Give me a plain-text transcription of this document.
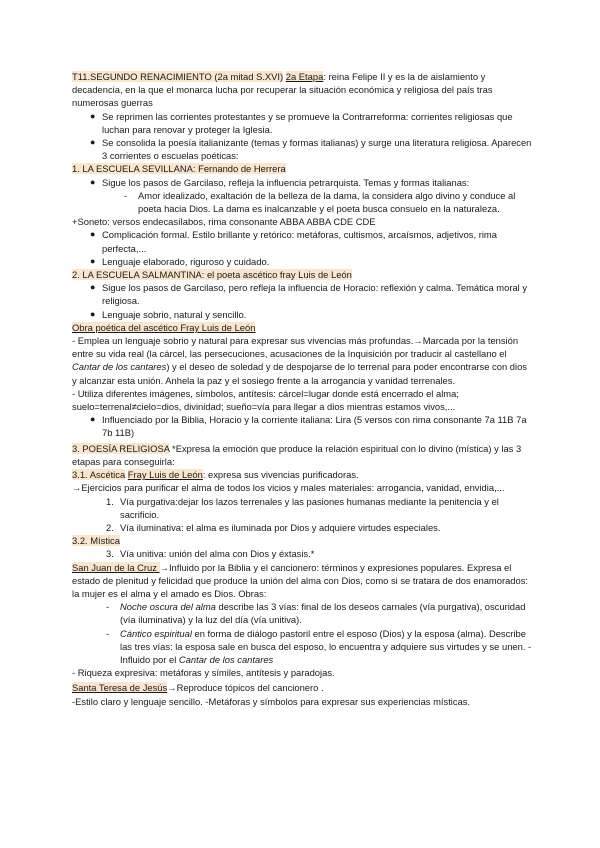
T11.SEGUNDO RENACIMIENTO (2a mitad S.XVI) 2a Etapa: reina Felipe II y es la de aislamiento y decadencia, en la que el monarca lucha por recuperar la situación económica y religiosa del país tras numerosas guerras

● Se reprimen las corrientes protestantes y se promueve la Contrarreforma: corrientes religiosas que luchan para renovar y proteger la Iglesia.
● Se consolida la poesía italianizante (temas y formas italianas) y surge una literatura religiosa. Aparecen 3 corrientes o escuelas poéticas:

1. LA ESCUELA SEVILLANA: Fernando de Herrera

● Sigue los pasos de Garcilaso, refleja la influencia petrarquista. Temas y formas italianas:
-	Amor idealizado, exaltación de la belleza de la dama, la considera algo divino y conduce al poeta hacia Dios. La dama es inalcanzable y el poeta busca consuelo en la naturaleza.

+Soneto: versos endecasílabos, rima consonante ABBA ABBA CDE CDE

● Complicación formal. Estilo brillante y retórico: metáforas, cultismos, arcaísmos, adjetivos, rima perfecta,...
● Lenguaje elaborado, riguroso y cuidado.

2. LA ESCUELA SALMANTINA: el poeta ascético fray Luis de León

● Sigue los pasos de Garcilaso, pero refleja la influencia de Horacio: reflexión y calma. Temática moral y religiosa.
● Lenguaje sobrio, natural y sencillo.

Obra poética del ascético Fray Luis de León

- Emplea un lenguaje sobrio y natural para expresar sus vivencias más profundas.→Marcada por la tensión entre su vida real (la cárcel, las persecuciones, acusaciones de la Inquisición por traducir al castellano el Cantar de los cantares) y el deseo de soledad y de despojarse de lo terrenal para poder encontrarse con dios y alcanzar esta unión. Anhela la paz y el sosiego frente a la arrogancia y vanidad terrenales.

- Utiliza diferentes imágenes, símbolos, antítesis: cárcel=lugar donde está encerrado el alma; suelo=terrenal≠cielo=dios, divinidad; sueño=vía para llegar a dios mientras estamos vivos,...

● Influenciado por la Biblia, Horacio y la corriente italiana: Lira (5 versos con rima consonante 7a 11B 7a 7b 11B)

3. POESÍA RELIGIOSA *Expresa la emoción que produce la relación espiritual con lo divino (mística) y las 3 etapas para conseguirla:

3.1. Ascética Fray Luis de León: expresa sus vivencias purificadoras.

→Ejercicios para purificar el alma de todos los vicios y males materiales: arrogancia, vanidad, envidia,...

1. Vía purgativa:dejar los lazos terrenales y las pasiones humanas mediante la penitencia y el sacrificio.
2. Vía iluminativa: el alma es iluminada por Dios y adquiere virtudes especiales.

3.2. Mística

3. Vía unitiva: unión del alma con Dios y éxtasis.*

San Juan de la Cruz →Influido por la Biblia y el cancionero: términos y expresiones populares. Expresa el estado de plenitud y felicidad que produce la unión del alma con Dios, como si se tratara de dos enamorados: la mujer es el alma y el amado es Dios. Obras:

-	Noche oscura del alma describe las 3 vías: final de los deseos carnales (vía purgativa), oscuridad (vía iluminativa) y la luz del día (vía unitiva).
-	Cántico espiritual en forma de diálogo pastoril entre el esposo (Dios) y la esposa (alma). Describe las tres vías: la esposa sale en busca del esposo, lo encuentra y adquiere sus virtudes y se unen. -Influido por el Cantar de los cantares

- Riqueza expresiva: metáforas y símiles, antítesis y paradojas.

Santa Teresa de Jesús→Reproduce tópicos del cancionero .

-Estilo claro y lenguaje sencillo. -Metáforas y símbolos para expresar sus experiencias místicas.
